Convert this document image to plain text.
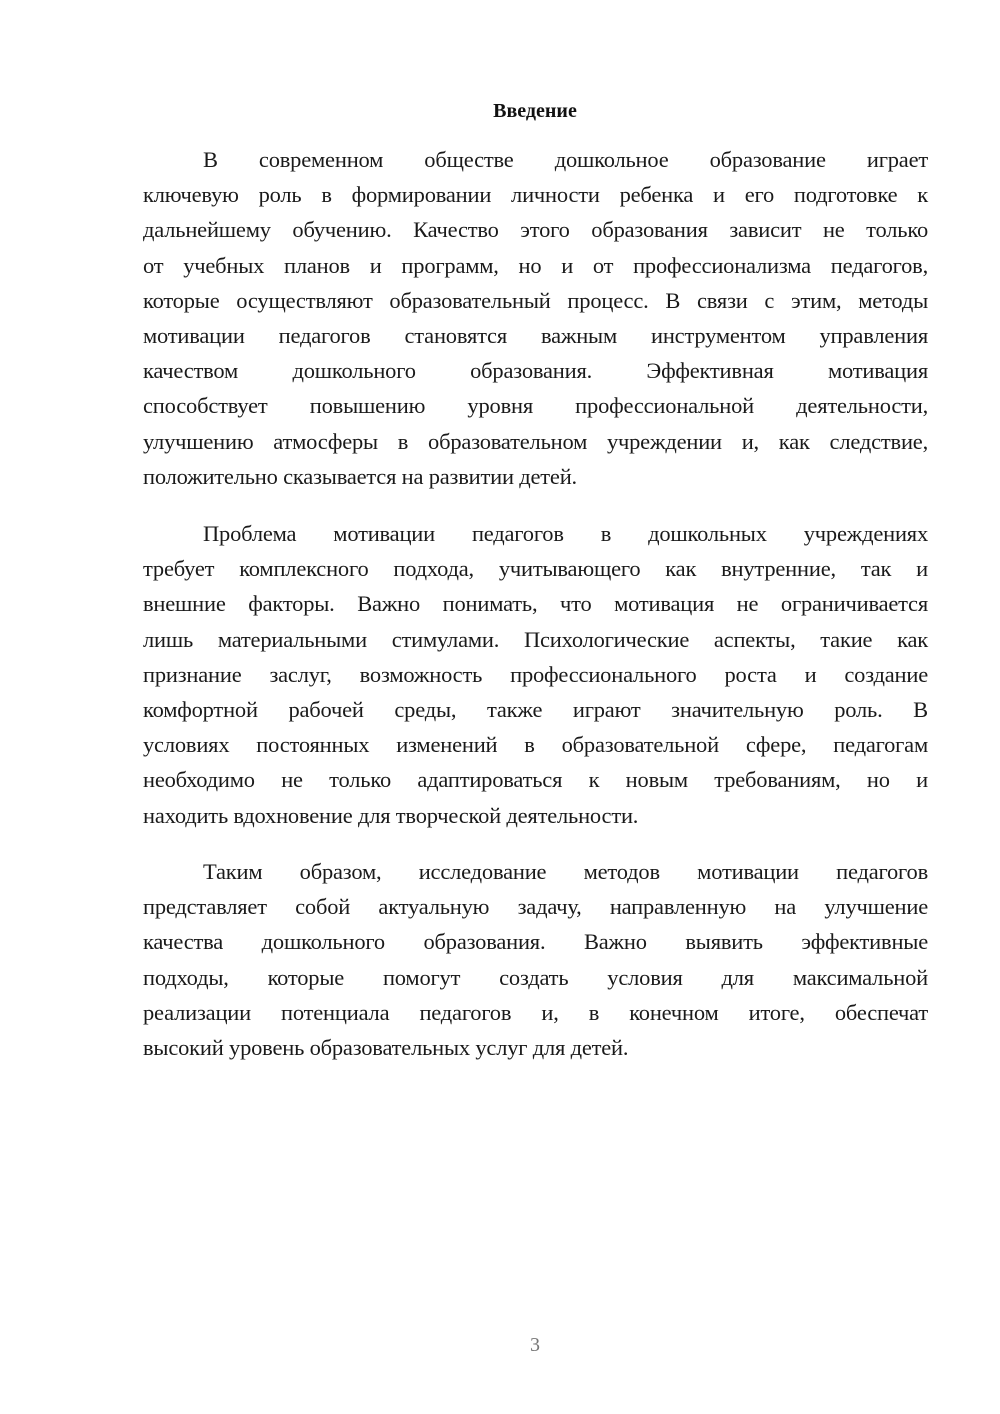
Введение
В современном обществе дошкольное образование играет
ключевую роль в формировании личности ребенка и его подготовке к
дальнейшему обучению. Качество этого образования зависит не только
от учебных планов и программ, но и от профессионализма педагогов,
которые осуществляют образовательный процесс. В связи с этим, методы
мотивации педагогов становятся важным инструментом управления
качеством дошкольного образования. Эффективная мотивация
способствует повышению уровня профессиональной деятельности,
улучшению атмосферы в образовательном учреждении и, как следствие,
положительно сказывается на развитии детей.
Проблема мотивации педагогов в дошкольных учреждениях
требует комплексного подхода, учитывающего как внутренние, так и
внешние факторы. Важно понимать, что мотивация не ограничивается
лишь материальными стимулами. Психологические аспекты, такие как
признание заслуг, возможность профессионального роста и создание
комфортной рабочей среды, также играют значительную роль. В
условиях постоянных изменений в образовательной сфере, педагогам
необходимо не только адаптироваться к новым требованиям, но и
находить вдохновение для творческой деятельности.
Таким образом, исследование методов мотивации педагогов
представляет собой актуальную задачу, направленную на улучшение
качества дошкольного образования. Важно выявить эффективные
подходы, которые помогут создать условия для максимальной
реализации потенциала педагогов и, в конечном итоге, обеспечат
высокий уровень образовательных услуг для детей.
3
